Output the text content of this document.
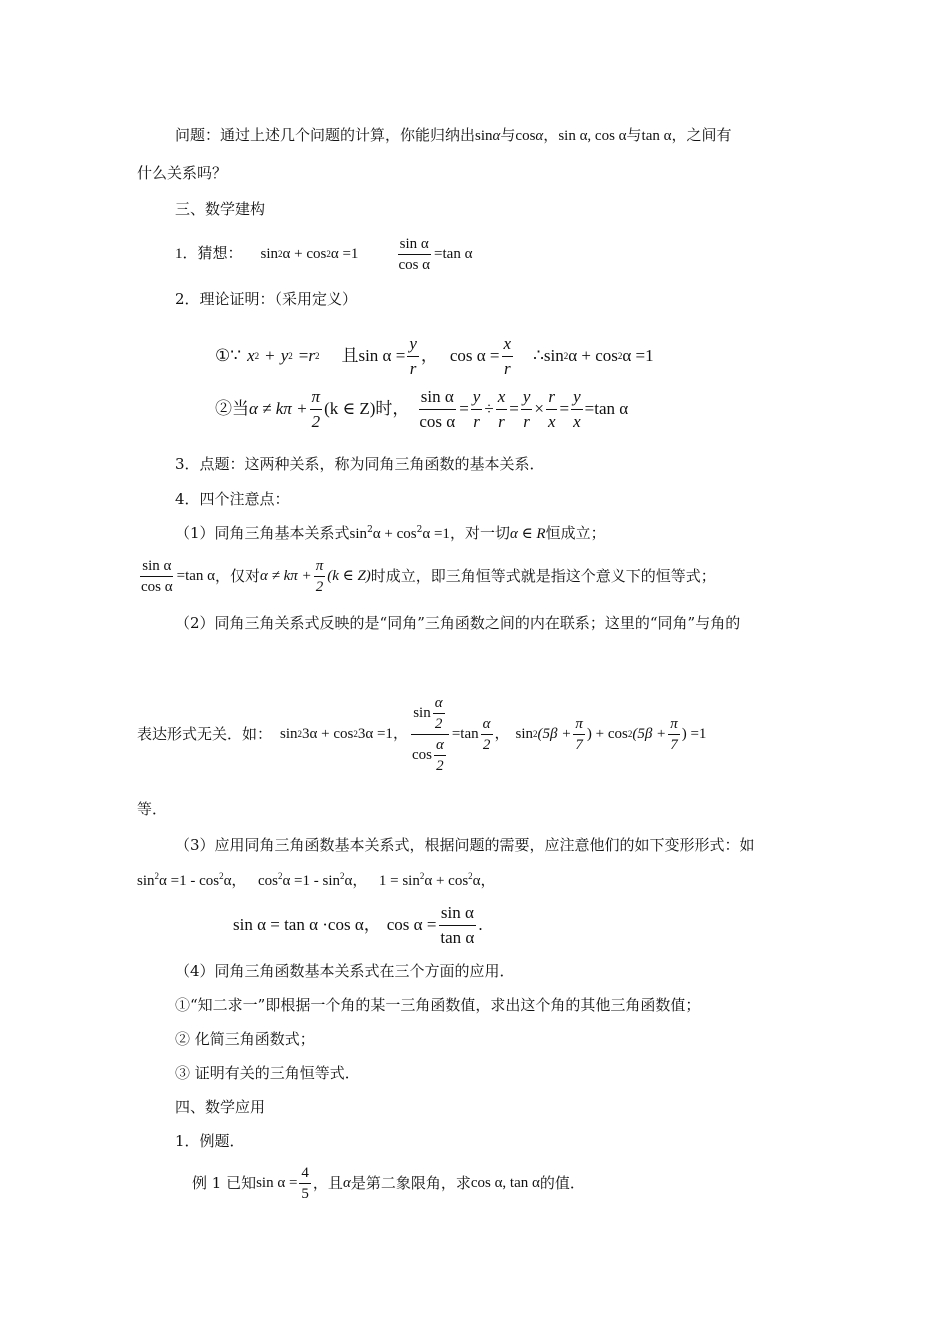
问题：通过上述几个问题的计算，你能归纳出sinα与cosα，sin α, cos α与tan α，之间有
什么关系吗？
三、数学建构
1．猜想： sin 2 α + cos 2 α =1	$\frac{\text{sin α}}{\text{cos α}} =\tan$ α
2．理论证明：（采用定义）
①∵ x 2 + y 2 = r 2 且 $\sin \alpha = \frac{y}{r}$ ， $\cos \alpha = \frac{x}{r}$ ∴ sin 2 α + cos 2 α =1
②当 $\alpha \ne k\pi + \frac{\pi}{2} (k$ ∈ Z)时， $\frac{\text{sin α}}{\text{cos α}} = \frac{y}{r} \div \frac{x}{r} = \frac{y}{r} \times \frac{r}{x} = \frac{y}{x} =\tan$ α
3．点题：这两种关系，称为同角三角函数的基本关系．
4．四个注意点：
（1）同角三角基本关系式$\sin^2\alpha + \cos^2\alpha =1$，对一切α ∈ R恒成立；
$\frac{\text{sin α}}{\text{cos α}} =\tan$ α ，仅对 $\alpha \ne k\pi + \frac{\pi}{2} (k$ ∈ Z) 时成立，即三角恒等式就是指这个意义下的恒等式；
（2）同角三角关系式反映的是“同角”三角函数之间的内在联系；这里的“同角”与角的
表达形式无关．如： sin 2 3α + cos 2 3α =1 ， $\frac{\sin \frac{\alpha}{2}}{\cos \frac{\alpha}{2}} =\tan \frac{\alpha}{2}$ ， sin 2 ($5\beta + \frac{\pi}{7}$ ) + cos 2 ($5\beta + \frac{\pi}{7}$ ) =1
等．
（3）应用同角三角函数基本关系式，根据问题的需要，应注意他们的如下变形形式：如
$\sin^2\alpha =1 - \cos^2\alpha$， $\cos^2\alpha =1 - \sin^2\alpha$， $1 = \sin^2\alpha + \cos^2\alpha$，
sin α = tan α ·cos α， $\cos \alpha = \frac{\text{sin α}}{\text{tan α}}$ .
（4）同角三角函数基本关系式在三个方面的应用．
①“知二求一”即根据一个角的某一三角函数值，求出这个角的其他三角函数值；
② 化简三角函数式；
③ 证明有关的三角恒等式．
四、数学应用
1．例题．
例 1 已知 $\sin \alpha = \frac{4}{5}$ ，且 α 是第二象限角，求 cos α, tan α 的值．
